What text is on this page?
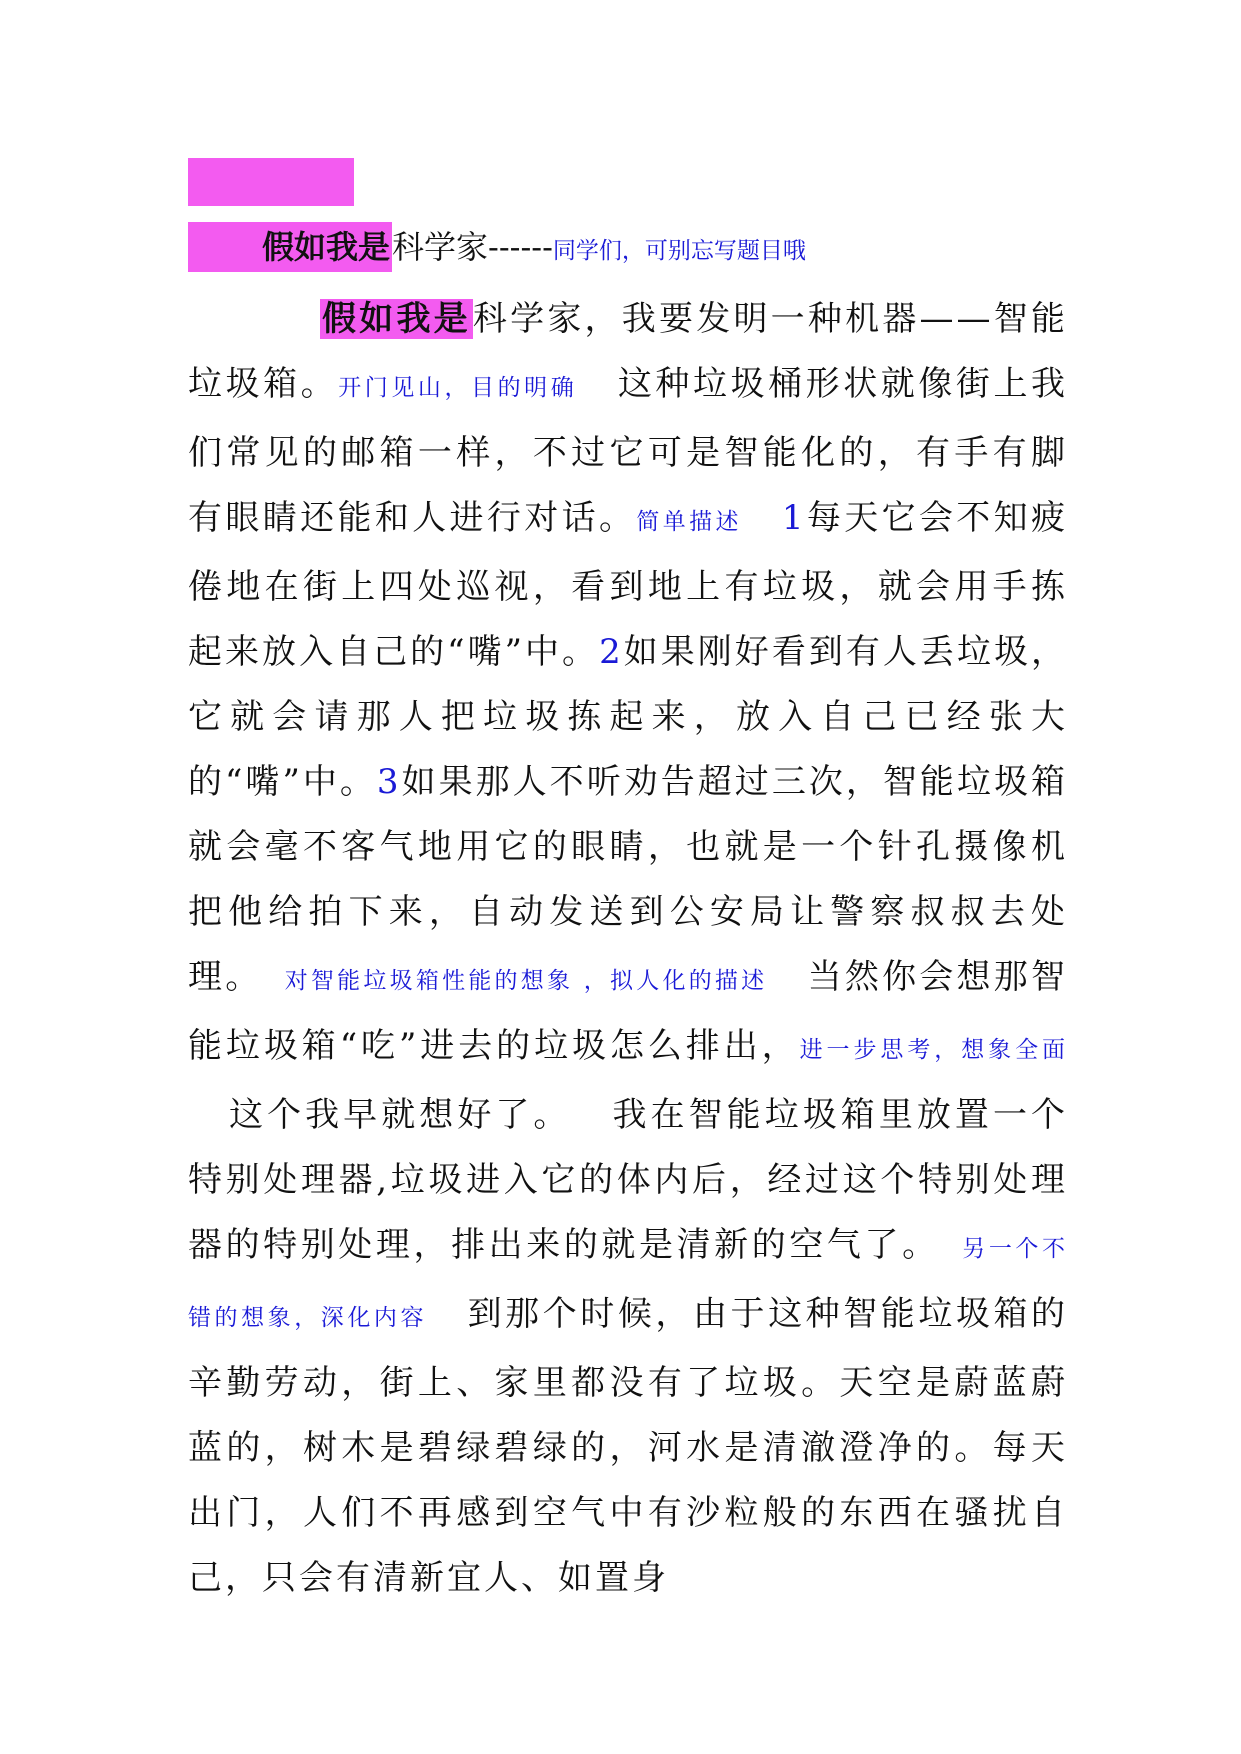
假如我是科学家------同学们，可别忘写题目哦
假如我是科学家，我要发明一种机器——智能垃圾箱。开门见山，目的明确 这种垃圾桶形状就像街上我们常见的邮箱一样，不过它可是智能化的，有手有脚有眼睛还能和人进行对话。简单描述 1每天它会不知疲倦地在街上四处巡视，看到地上有垃圾，就会用手拣起来放入自己的“嘴”中。2如果刚好看到有人丢垃圾，它就会请那人把垃圾拣起来，放入自己已经张大的“嘴”中。3如果那人不听劝告超过三次，智能垃圾箱就会毫不客气地用它的眼睛，也就是一个针孔摄像机把他给拍下来，自动发送到公安局让警察叔叔去处理。 对智能垃圾箱性能的想象 ，拟人化的描述 当然你会想那智能垃圾箱“吃”进去的垃圾怎么排出，进一步思考，想象全面这个我早就想好了。 我在智能垃圾箱里放置一个特别处理器,垃圾进入它的体内后，经过这个特别处理器的特别处理，排出来的就是清新的空气了。 另一个不错的想象，深化内容 到那个时候，由于这种智能垃圾箱的辛勤劳动，街上、家里都没有了垃圾。天空是蔚蓝蔚蓝的，树木是碧绿碧绿的，河水是清澈澄净的。每天出门，人们不再感到空气中有沙粒般的东西在骚扰自己，只会有清新宜人、如置身
